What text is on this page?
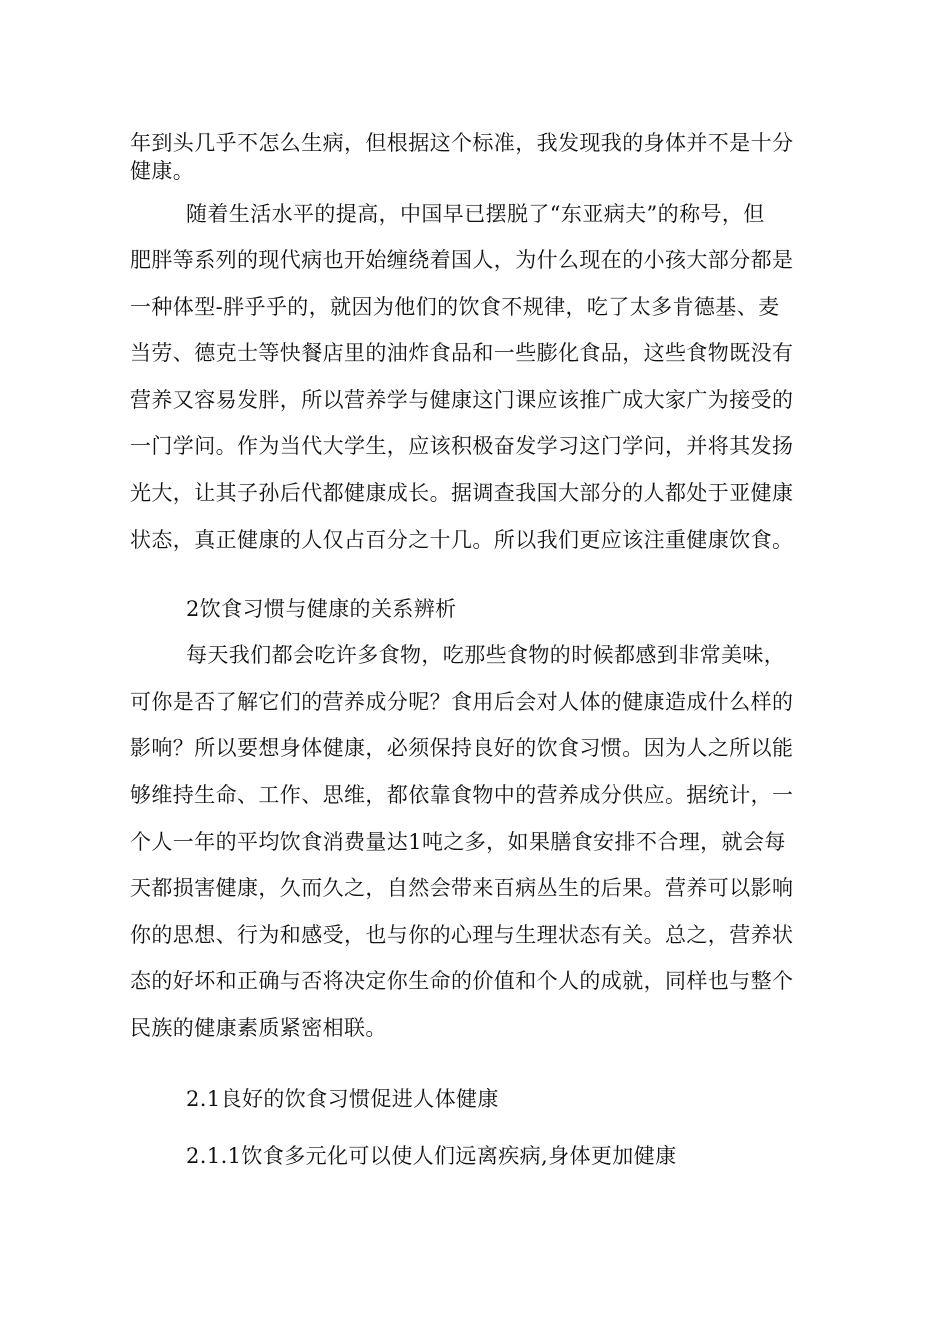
年到头几乎不怎么生病，但根据这个标准，我发现我的身体并不是十分
健康。
随着生活水平的提高，中国早已摆脱了“东亚病夫”的称号，但
肥胖等系列的现代病也开始缠绕着国人，为什么现在的小孩大部分都是
一种体型-胖乎乎的，就因为他们的饮食不规律，吃了太多肯德基、麦
当劳、德克士等快餐店里的油炸食品和一些膨化食品，这些食物既没有
营养又容易发胖，所以营养学与健康这门课应该推广成大家广为接受的
一门学问。作为当代大学生，应该积极奋发学习这门学问，并将其发扬
光大，让其子孙后代都健康成长。据调查我国大部分的人都处于亚健康
状态，真正健康的人仅占百分之十几。所以我们更应该注重健康饮食。
2饮食习惯与健康的关系辨析
每天我们都会吃许多食物，吃那些食物的时候都感到非常美味，
可你是否了解它们的营养成分呢？食用后会对人体的健康造成什么样的
影响？所以要想身体健康，必须保持良好的饮食习惯。因为人之所以能
够维持生命、工作、思维，都依靠食物中的营养成分供应。据统计，一
个人一年的平均饮食消费量达1吨之多，如果膳食安排不合理，就会每
天都损害健康，久而久之，自然会带来百病丛生的后果。营养可以影响
你的思想、行为和感受，也与你的心理与生理状态有关。总之，营养状
态的好坏和正确与否将决定你生命的价值和个人的成就，同样也与整个
民族的健康素质紧密相联。
2.1良好的饮食习惯促进人体健康
2.1.1饮食多元化可以使人们远离疾病,身体更加健康
